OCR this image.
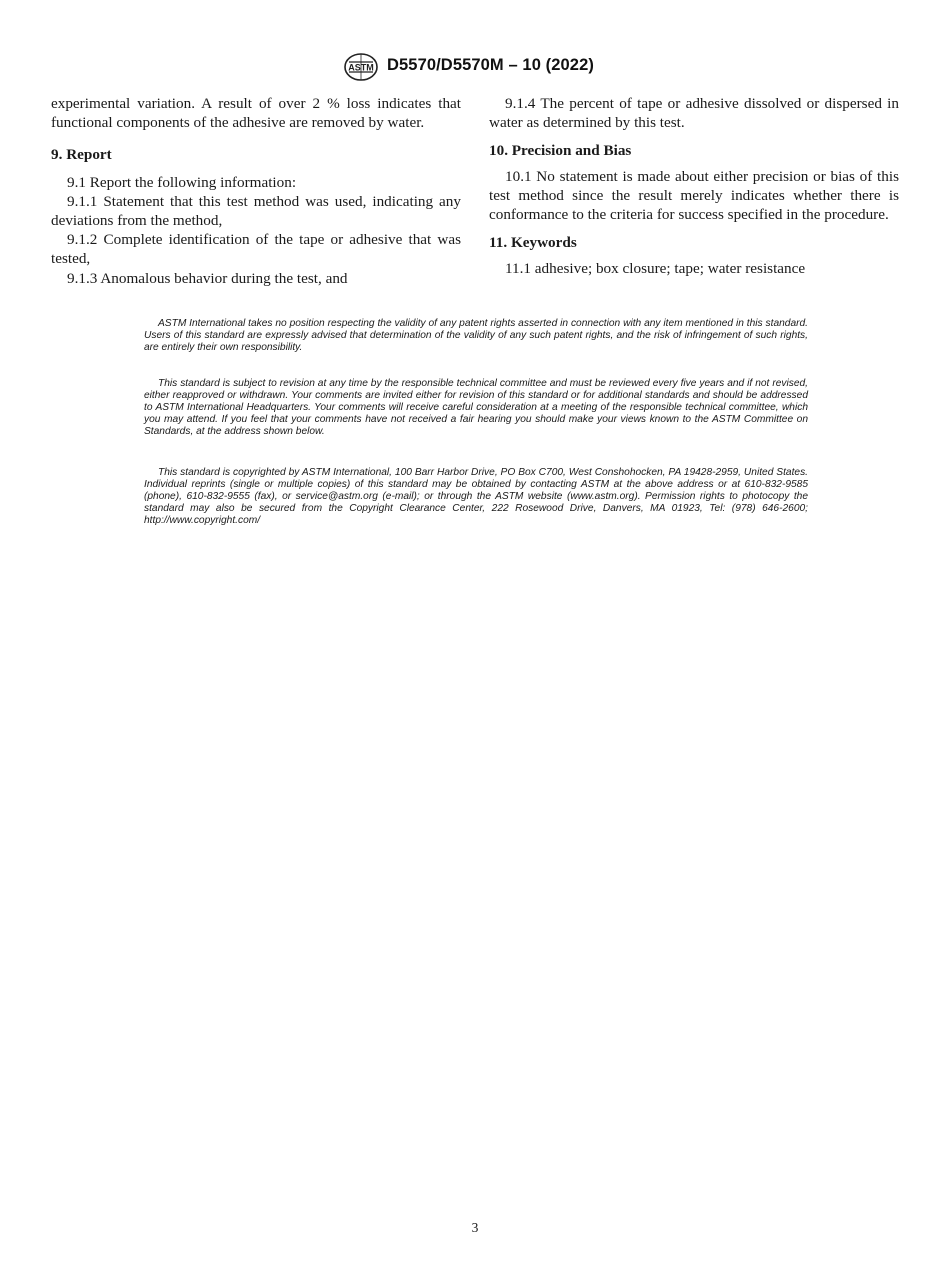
ASTM D5570/D5570M – 10 (2022)

experimental variation. A result of over 2 % loss indicates that functional components of the adhesive are removed by water.

9. Report

9.1 Report the following information:

9.1.1 Statement that this test method was used, indicating any deviations from the method,

9.1.2 Complete identification of the tape or adhesive that was tested,

9.1.3 Anomalous behavior during the test, and

9.1.4 The percent of tape or adhesive dissolved or dispersed in water as determined by this test.

10. Precision and Bias

10.1 No statement is made about either precision or bias of this test method since the result merely indicates whether there is conformance to the criteria for success specified in the procedure.

11. Keywords

11.1 adhesive; box closure; tape; water resistance

ASTM International takes no position respecting the validity of any patent rights asserted in connection with any item mentioned in this standard. Users of this standard are expressly advised that determination of the validity of any such patent rights, and the risk of infringement of such rights, are entirely their own responsibility.

This standard is subject to revision at any time by the responsible technical committee and must be reviewed every five years and if not revised, either reapproved or withdrawn. Your comments are invited either for revision of this standard or for additional standards and should be addressed to ASTM International Headquarters. Your comments will receive careful consideration at a meeting of the responsible technical committee, which you may attend. If you feel that your comments have not received a fair hearing you should make your views known to the ASTM Committee on Standards, at the address shown below.

This standard is copyrighted by ASTM International, 100 Barr Harbor Drive, PO Box C700, West Conshohocken, PA 19428-2959, United States. Individual reprints (single or multiple copies) of this standard may be obtained by contacting ASTM at the above address or at 610-832-9585 (phone), 610-832-9555 (fax), or service@astm.org (e-mail); or through the ASTM website (www.astm.org). Permission rights to photocopy the standard may also be secured from the Copyright Clearance Center, 222 Rosewood Drive, Danvers, MA 01923, Tel: (978) 646-2600; http://www.copyright.com/

3
